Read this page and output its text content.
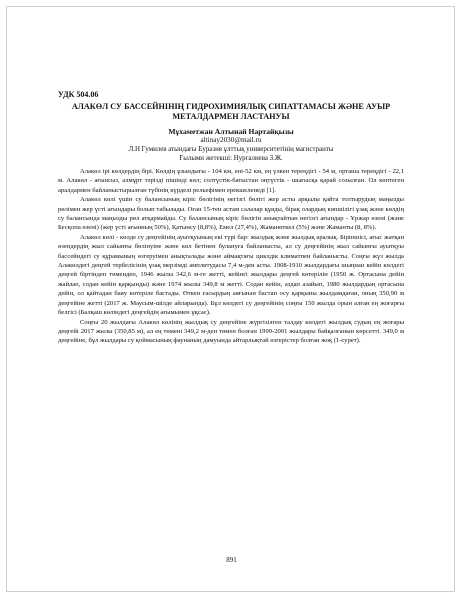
УДК 504.06
АЛАКӨЛ СУ БАССЕЙНІНІҢ ГИДРОХИМИЯЛЫҚ СИПАТТАМАСЫ ЖӘНЕ АУЫР
МЕТАЛДАРМЕН ЛАСТАНУЫ
Мұхаметжан Алтынай Нартайқызы
altinay2030@mail.ru
Л.Н Гумилев атындағы Еуразия ұлттық университетінің магистранты
Ғылыми жетекші: Нургалиева З.Ж.

Алакөл ірі көлдердің бірі. Көлдің ұзындығы - 104 км, ені-52 км, ең үлкен тереңдігі - 54 м, орташа тереңдігі - 22,1 м. Алакөл - ағынсыз, алмұрт тәрізді пішінді көл; солтүстік-батыстан оңтүстік - шығысқа қарай созылған. Ол көптеген аралдармен байланыстырылған түбінің күрделі рельефімен ерекшеленеді [1].

Алакөл көлі үшін су балансының кіріс бөлігінің негізгі бөлігі жер асты арқылы қайта толтырудың маңызды рөлімен жер үсті ағындары болып табылады. Оған 15-тен астам салалар құяды, бірақ олардың көпшілігі ұзақ және көлдің су балансында маңызды рөл атқармайды. Су балансының кіріс бөлігін анықтайтын негізгі ағындар - Ұржар өзені (және Бесқопа өзені) (жер үсті ағынның 50%), Қатынсу (8,8%), Емел (27,4%), Жаманөткел (5%) және Жаманты (8, 8%).

Алакөл көлі - көлде су деңгейінің ауытқуының екі түрі бар: жылдық және жылдық аралық. Біріншісі, ағыс жатқан өзендердің жыл сайынғы бөлінуіне және көл бетінен булануға байланысты, ал су деңгейінің жыл сайынғы ауытқуы бассейндегі су құрамының өзгеруімен анықталады және аймақтағы циклдік климатпен байланысты. Соңғы жүз жылда Алакөлдегі деңгей тербелісінің ұзақ мерзімді амплитудасы 7,4 м-ден асты. 1908-1910 жылдардағы шыңнан кейін көлдегі деңгей біртіндеп төмендеп, 1946 жылы 342,6 м-ге жетті, кейінгі жылдары деңгей көтерілін (1950 ж. Ортасына дейін жайлап, содан кейін қарқынды) және 1974 жылы 349,8 м жетті. Содан кейін, аздап азайып, 1980 жылдардың ортасына дейін, ол қайтадан баяу көтеріле бастады. Өткен ғасырдың аяғынан бастап осу қарқыны жылдамдаған, оның 350,90 м деңгейіне жетті (2017 ж. Маусым-шілде айларында). Бұл көлдегі су деңгейінің соңғы 150 жылда орын алған ең жоғарғы белгісі (Балқаш көліндегі деңгейдің ағымымен ұқсас).

Соңғы 20 жылдағы Алакөл көлінің жылдық су деңгейіне жүргізілген талдау көлдегі жылдық судың ең жоғары деңгейі 2017 жылы (350,85 м), ал ең төмені 349,2 м-ден төмен болған 1999-2001 жылдары байқалғанын көрсетті. 349,0 м деңгейіне, бұл жылдары су қоймасының фаунаның дамуында айтарлықтай өзгерістер болған жоқ (1-сурет).

891
